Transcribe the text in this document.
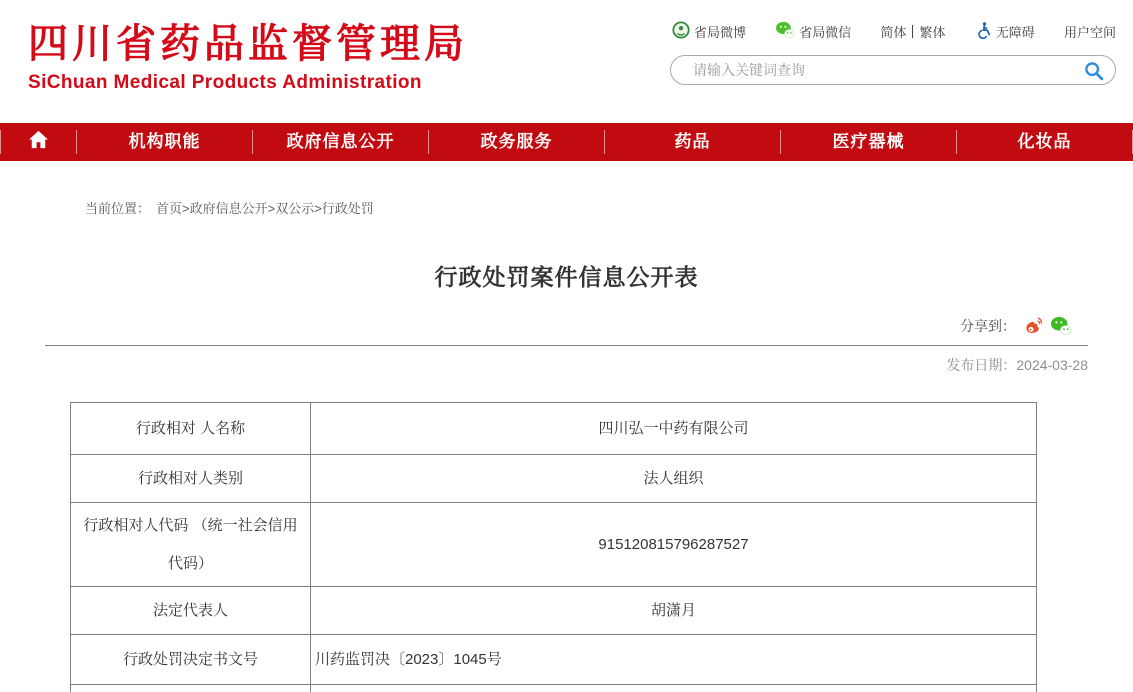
四川省药品监督管理局
SiChuan Medical Products Administration
省局微博	省局微信 简体 繁体	无障碍 用户空间
请输入关键词查询
机构职能	政府信息公开	政务服务	药品	医疗器械	化妆品
当前位置： 首页>政府信息公开>双公示>行政处罚
行政处罚案件信息公开表
分享到：
发布日期：2024-03-28
行政相对 人名称	四川弘一中药有限公司
行政相对人类别	法人组织
行政相对人代码 （统一社会信用代码）	915120815796287527
法定代表人	胡潇月
行政处罚决定书文号	川药监罚决〔2023〕1045号
